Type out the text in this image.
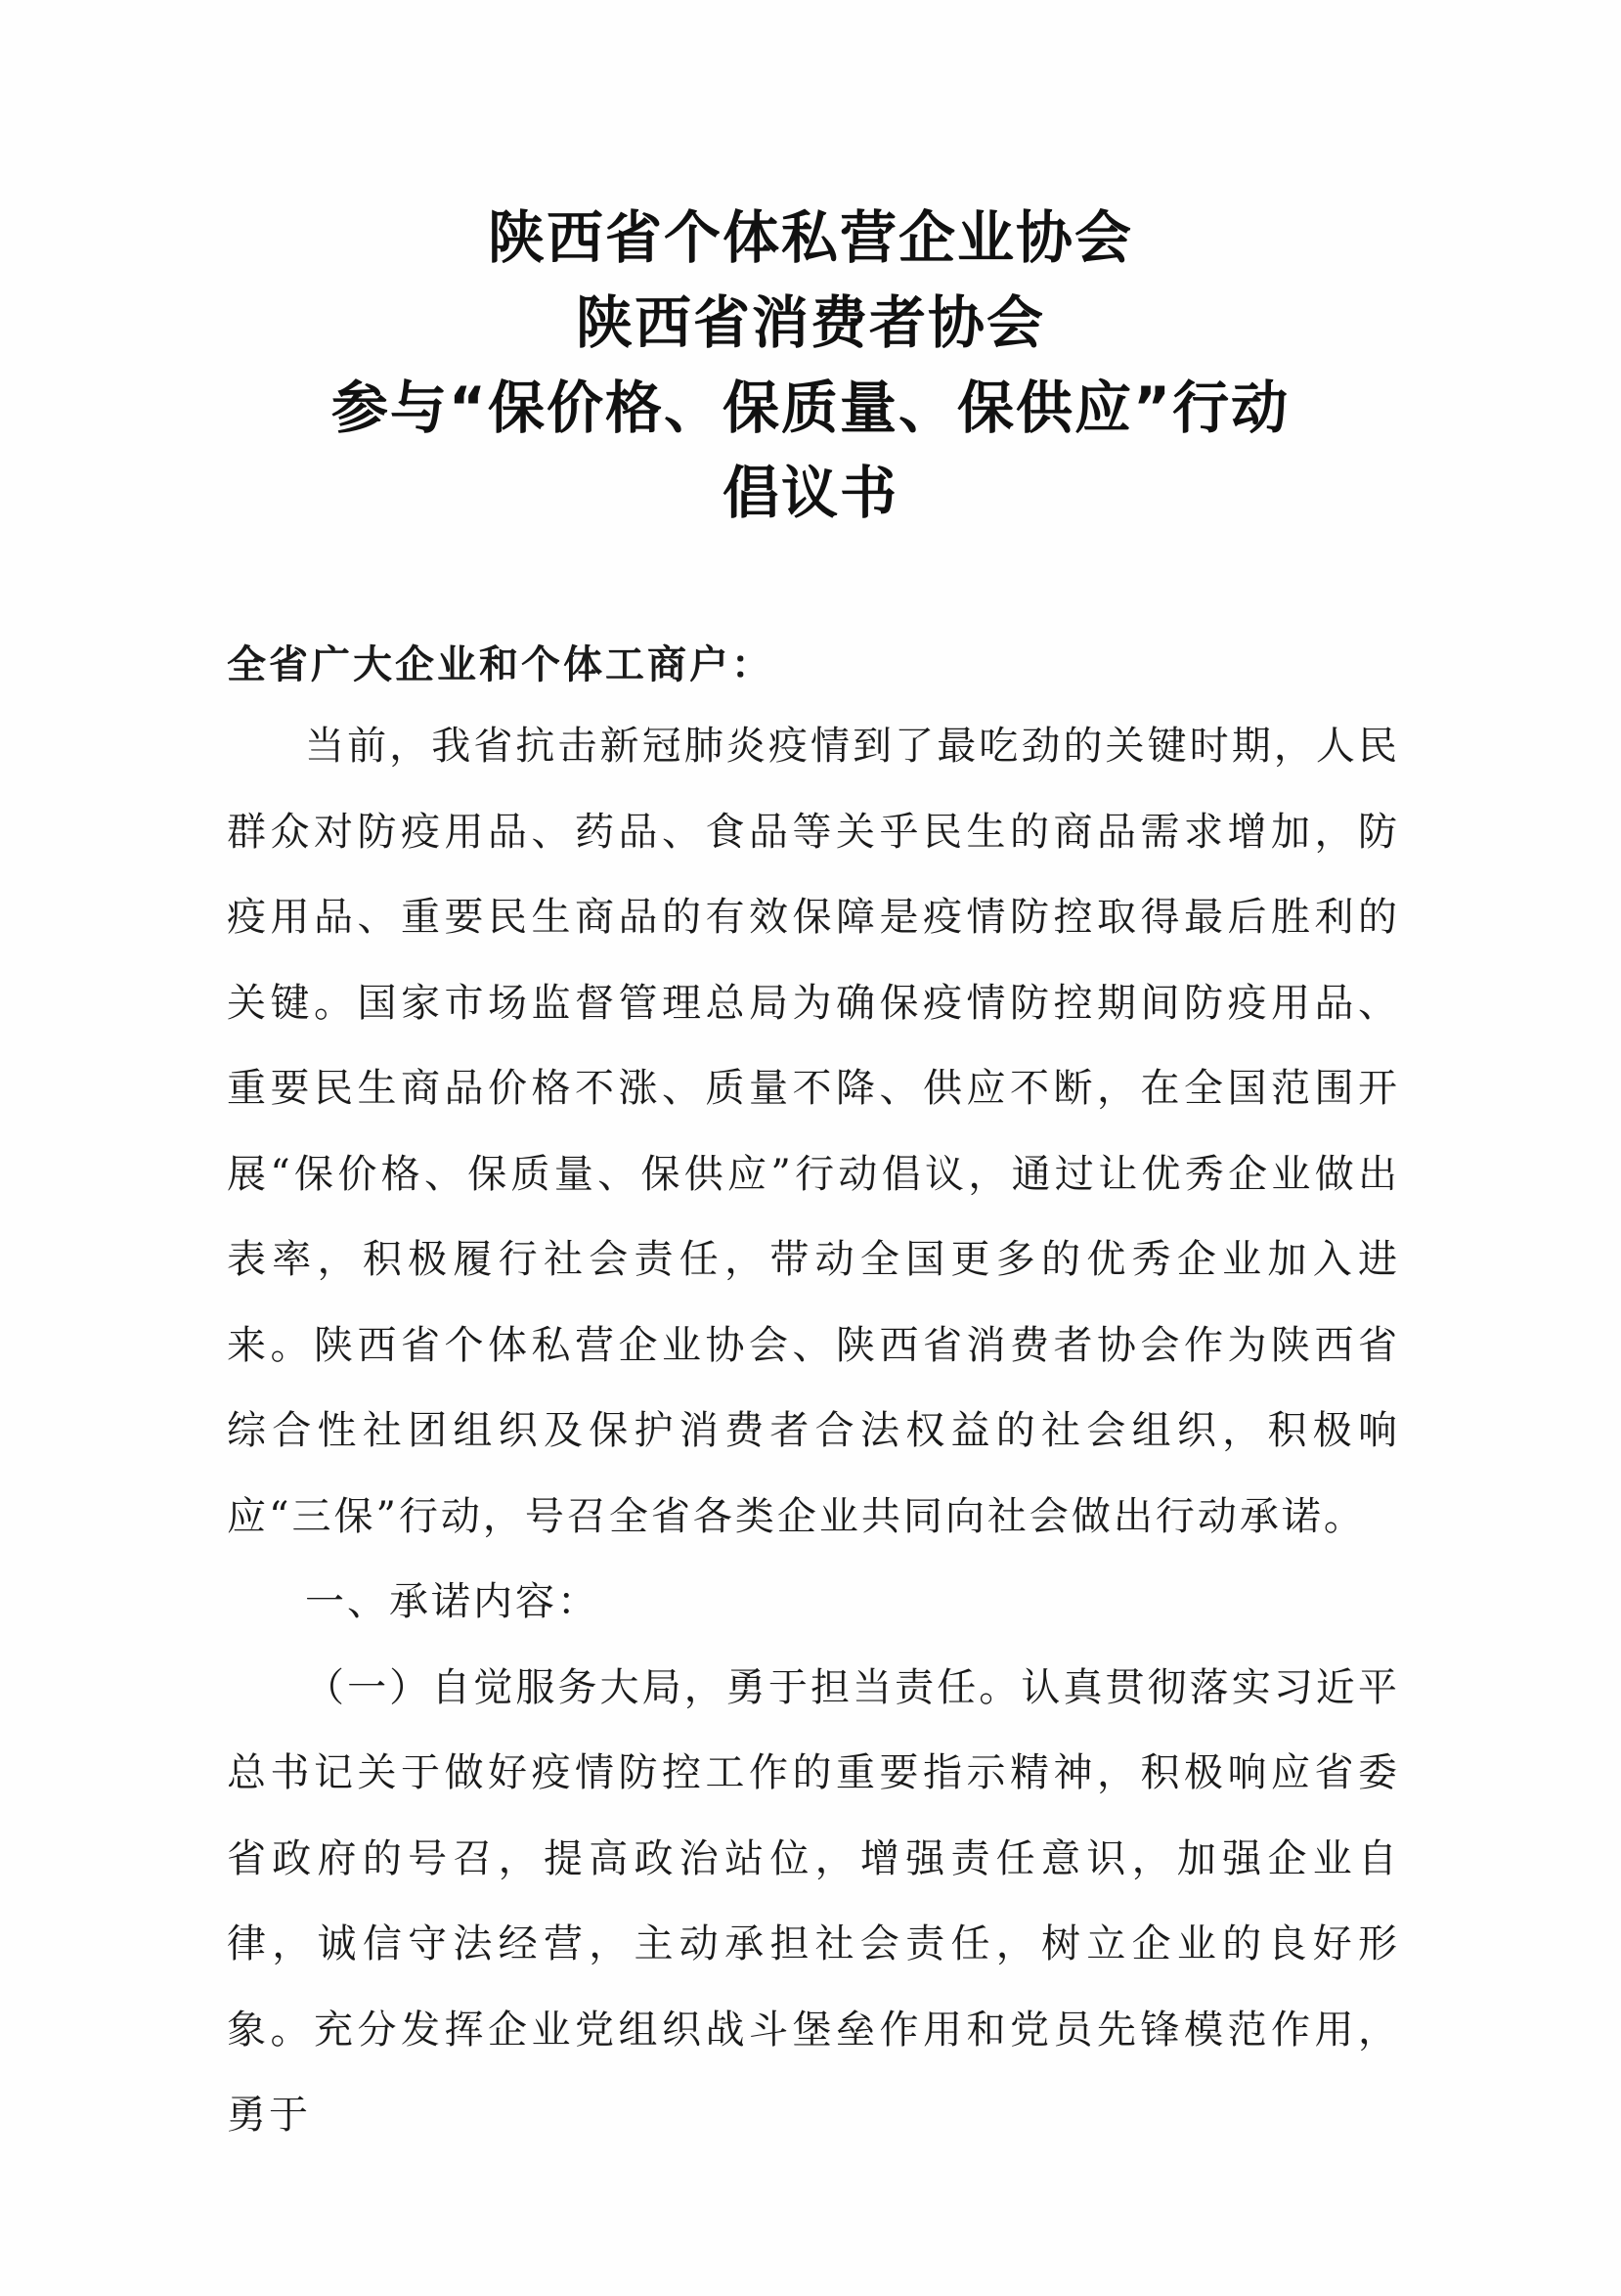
陕西省个体私营企业协会
陕西省消费者协会
参与“保价格、保质量、保供应”行动
倡议书
全省广大企业和个体工商户：

当前，我省抗击新冠肺炎疫情到了最吃劲的关键时期，人民群众对防疫用品、药品、食品等关乎民生的商品需求增加，防疫用品、重要民生商品的有效保障是疫情防控取得最后胜利的关键。国家市场监督管理总局为确保疫情防控期间防疫用品、重要民生商品价格不涨、质量不降、供应不断，在全国范围开展“保价格、保质量、保供应”行动倡议，通过让优秀企业做出表率，积极履行社会责任，带动全国更多的优秀企业加入进来。陕西省个体私营企业协会、陕西省消费者协会作为陕西省综合性社团组织及保护消费者合法权益的社会组织，积极响应“三保”行动，号召全省各类企业共同向社会做出行动承诺。

一、承诺内容：

（一）自觉服务大局，勇于担当责任。认真贯彻落实习近平总书记关于做好疫情防控工作的重要指示精神，积极响应省委省政府的号召，提高政治站位，增强责任意识，加强企业自律，诚信守法经营，主动承担社会责任，树立企业的良好形象。充分发挥企业党组织战斗堡垒作用和党员先锋模范作用，勇于
